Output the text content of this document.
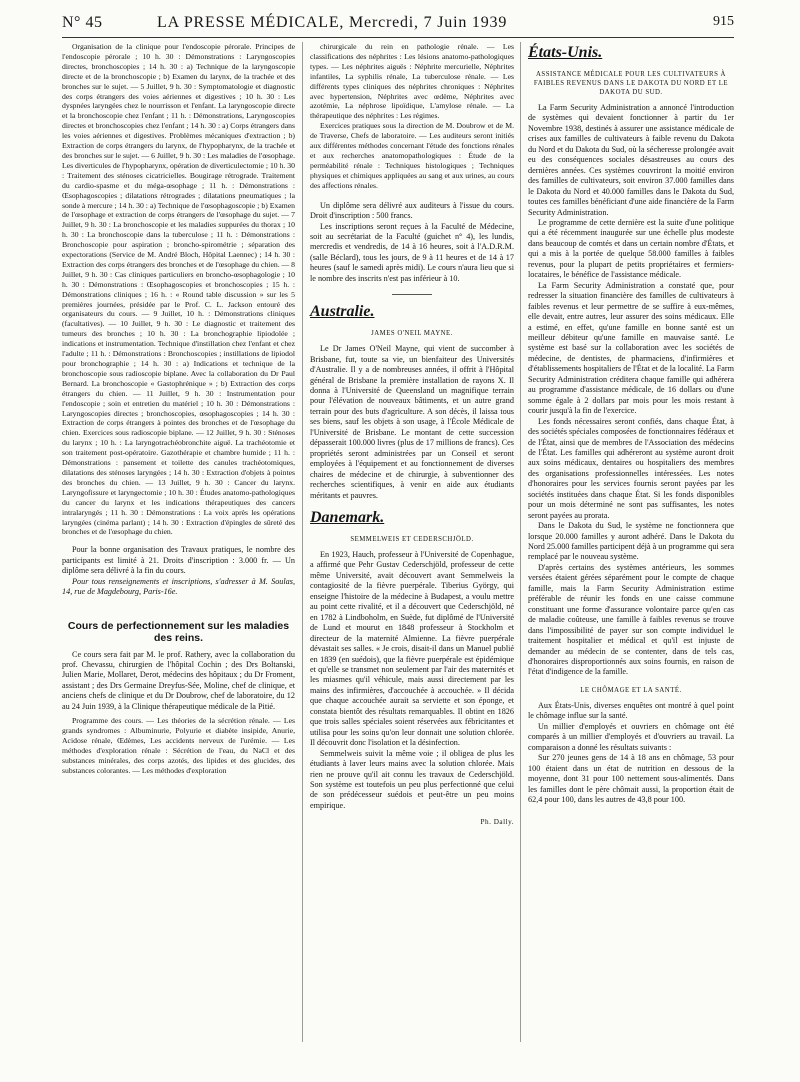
N° 45	LA PRESSE MÉDICALE, Mercredi, 7 Juin 1939	915

Organisation de la clinique pour l'endoscopie pérorale. Principes de l'endoscopie pérorale ; 10 h. 30 : Démonstrations : Laryngoscopies directes, bronchoscopies ; 14 h. 30 : a) Technique de la laryngoscopie directe et de la bronchoscopie ; b) Examen du larynx, de la trachée et des bronches sur le sujet. — 5 Juillet, 9 h. 30 : Symptomatologie et diagnostic des corps étrangers des voies aériennes et digestives ; 10 h. 30 : Les dyspnées laryngées chez le nourrisson et l'enfant. La laryngoscopie directe et la bronchoscopie chez l'enfant ; 11 h. : Démonstrations, Laryngoscopies directes et bronchoscopies chez l'enfant ; 14 h. 30 : a) Corps étrangers dans les voies aériennes et digestives. Problèmes mécaniques d'extraction ; b) Extraction de corps étrangers du larynx, de l'hypopharynx, de la trachée et des bronches sur le sujet. — 6 Juillet, 9 h. 30 : Les maladies de l'œsophage. Les diverticules de l'hypopharynx, opération de diverticulectomie ; 10 h. 30 : Traitement des sténoses cicatricielles. Bougirage rétrograde. Traitement du cardio-spasme et du méga-œsophage ; 11 h. : Démonstrations : Œsophagoscopies ; dilatations rétrogrades ; dilatations pneumatiques ; la sonde à mercure ; 14 h. 30 : a) Technique de l'œsophagoscopie ; b) Examen de l'œsophage et extraction de corps étrangers de l'œsophage du sujet. — 7 Juillet, 9 h. 30 : La bronchoscopie et les maladies suppurées du thorax ; 10 h. 30 : La bronchoscopie dans la tuberculose ; 11 h. : Démonstrations : Bronchoscopie pour aspiration ; broncho-spirométrie ; séparation des expectorations (Service de M. André Bloch, Hôpital Laennec) ; 14 h. 30 : Extraction des corps étrangers des bronches et de l'œsophage du chien. — 8 Juillet, 9 h. 30 : Cas cliniques particuliers en broncho-œsophagologie ; 10 h. 30 : Démonstrations : Œsophagoscopies et bronchoscopies ; 15 h. : Démonstrations cliniques ; 16 h. : « Round table discussion » sur les 5 premières journées, présidée par le Prof. C. L. Jackson entouré des organisateurs du cours. — 9 Juillet, 10 h. : Démonstrations cliniques (facultatives). — 10 Juillet, 9 h. 30 : Le diagnostic et traitement des tumeurs des bronches ; 10 h. 30 : La bronchographie lipiodolée ; indications et instrumentation. Technique d'instillation chez l'enfant et chez l'adulte ; 11 h. : Démonstrations : Bronchoscopies ; instillations de lipiodol pour bronchographie ; 14 h. 30 : a) Indications et technique de la bronchoscopie sous radioscopie biplane. Avec la collaboration du Dr Paul Bernard. La bronchoscopie « Gastophrénique » ; b) Extraction des corps étrangers du chien. — 11 Juillet, 9 h. 30 : Instrumentation pour l'endoscopie ; soin et entretien du matériel ; 10 h. 30 : Démonstrations : Laryngoscopies directes ; bronchoscopies, œsophagoscopies ; 14 h. 30 : Extraction de corps étrangers à pointes des bronches et de l'œsophage du chien. Exercices sous radioscopie biplane. — 12 Juillet, 9 h. 30 : Sténoses du larynx ; 10 h. : La laryngotrachéobronchite aiguë. La trachéotomie et son traitement post-opératoire. Gazothérapie et chambre humide ; 11 h. : Démonstrations : pansement et toilette des canules trachéotomiques, dilatations des sténoses laryngées ; 14 h. 30 : Extraction d'objets à pointes des bronches du chien. — 13 Juillet, 9 h. 30 : Cancer du larynx. Laryngofissure et laryngectomie ; 10 h. 30 : Études anatomo-pathologiques du cancer du larynx et les indications thérapeutiques des cancers intralaryngés ; 11 h. 30 : Démonstrations : La voix après les opérations laryngées (cinéma parlant) ; 14 h. 30 : Extraction d'épingles de sûreté des bronches et de l'œsophage du chien.

Pour la bonne organisation des Travaux pratiques, le nombre des participants est limité à 21. Droits d'inscription : 3.000 fr. — Un diplôme sera délivré à la fin du cours.

Pour tous renseignements et inscriptions, s'adresser à M. Soulas, 14, rue de Magdebourg, Paris-16e.

Cours de perfectionnement sur les maladies des reins.

Ce cours sera fait par M. le prof. Rathery, avec la collaboration du prof. Chevassu, chirurgien de l'hôpital Cochin ; des Drs Boltanski, Julien Marie, Mollaret, Derot, médecins des hôpitaux ; du Dr Froment, assistant ; des Drs Germaine Dreyfus-Sée, Moline, chef de clinique, et anciens chefs de clinique et du Dr Doubrow, chef de laboratoire, du 12 au 24 Juin 1939, à la Clinique thérapeutique médicale de la Pitié.

Programme des cours. — Les théories de la sécrétion rénale. — Les grands syndromes : Albuminurie, Polyurie et diabète insipide, Anurie, Acidose rénale, Œdèmes, Les accidents nerveux de l'urémie. — Les méthodes d'exploration rénale : Sécrétion de l'eau, du NaCl et des substances minérales, des corps azotés, des lipides et des glucides, des substances colorantes. — Les méthodes d'exploration

chirurgicale du rein en pathologie rénale. — Les classifications des néphrites : Les lésions anatomo-pathologiques types. — Les néphrites aiguës : Néphrite mercurielle, Néphrites infantiles, La syphilis rénale, La tuberculose rénale. — Les différents types cliniques des néphrites chroniques : Néphrites avec hypertension, Néphrites avec œdème, Néphrites avec azotémie, La néphrose lipoïdique, L'amylose rénale. — La thérapeutique des néphrites : Les régimes.

Exercices pratiques sous la direction de M. Doubrow et de M. de Traverse, Chefs de laboratoire. — Les auditeurs seront initiés aux différentes méthodes concernant l'étude des fonctions rénales et aux recherches anatomopathologiques : Étude de la perméabilité rénale : Techniques histologiques ; Techniques physiques et chimiques appliquées au sang et aux urines, au cours des affections rénales.

Un diplôme sera délivré aux auditeurs à l'issue du cours. Droit d'inscription : 500 francs.

Les inscriptions seront reçues à la Faculté de Médecine, soit au secrétariat de la Faculté (guichet n° 4), les lundis, mercredis et vendredis, de 14 à 16 heures, soit à l'A.D.R.M. (salle Béclard), tous les jours, de 9 à 11 heures et de 14 à 17 heures (sauf le samedi après midi). Le cours n'aura lieu que si le nombre des inscrits n'est pas inférieur à 10.

Australie.
JAMES O'NEIL MAYNE.

Le Dr James O'Neil Mayne, qui vient de succomber à Brisbane, fut, toute sa vie, un bienfaiteur des Universités d'Australie. Il y a de nombreuses années, il offrit à l'Hôpital général de Brisbane la première installation de rayons X. Il donna à l'Université de Queensland un magnifique terrain pour l'élévation de nouveaux bâtiments, et un autre grand terrain pour des buts d'agriculture. A son décès, il laissa tous ses biens, sauf les objets à son usage, à l'École Médicale de l'Université de Brisbane. Le montant de cette succession dépasserait 100.000 livres (plus de 17 millions de francs). Ces propriétés seront administrées par un Conseil et seront employées à l'équipement et au fonctionnement de diverses chaires de médecine et de chirurgie, à subventionner des recherches scientifiques, à venir en aide aux étudiants méritants et pauvres.

Danemark.
SEMMELWEIS ET CEDERSCHJÖLD.

En 1923, Hauch, professeur à l'Université de Copenhague, a affirmé que Pehr Gustav Cederschjöld, professeur de cette même Université, avait découvert avant Semmelweis la contagiosité de la fièvre puerpérale. Tiberius György, qui enseigne l'histoire de la médecine à Budapest, a voulu mettre au point cette rivalité, et il a découvert que Cederschjöld, né en 1782 à Lindboholm, en Suède, fut diplômé de l'Université de Lund et mourut en 1848 professeur à Stockholm et directeur de la maternité Almienne. La fièvre puerpérale dévastait ses salles. « Je crois, disait-il dans un Manuel publié en 1839 (en suédois), que la fièvre puerpérale est épidémique et qu'elle se transmet non seulement par l'air des maternités et les miasmes qu'il véhicule, mais aussi directement par les mains des infirmières, d'accouchée à accouchée. » Il décida que chaque accouchée aurait sa serviette et son éponge, et constata bientôt des résultats remarquables. Il obtint en 1826 que trois salles spéciales soient réservées aux fébricitantes et utilisa pour les soins qu'on leur donnait une solution chlorée. Il découvrit donc l'isolation et la désinfection.

Semmelweis suivit la même voie ; il obligea de plus les étudiants à laver leurs mains avec la solution chlorée. Mais rien ne prouve qu'il ait connu les travaux de Cederschjöld. Son système est toutefois un peu plus perfectionné que celui de son prédécesseur suédois et peut-être un peu moins empirique.

Ph. Dally.
États-Unis.
ASSISTANCE MÉDICALE POUR LES CULTIVATEURS À FAIBLES REVENUS DANS LE DAKOTA DU NORD ET LE DAKOTA DU SUD.

La Farm Security Administration a annoncé l'introduction de systèmes qui devaient fonctionner à partir du 1er Novembre 1938, destinés à assurer une assistance médicale de crises aux familles de cultivateurs à faible revenu du Dakota du Nord et du Dakota du Sud, où la sécheresse prolongée avait eu des conséquences sociales désastreuses au cours des dernières années. Ces systèmes couvriront la moitié environ des familles de cultivateurs, soit environ 37.000 familles dans le Dakota du Nord et 40.000 familles dans le Dakota du Sud, toutes ces familles bénéficiant d'une aide financière de la Farm Security Administration.

Le programme de cette dernière est la suite d'une politique qui a été récemment inaugurée sur une échelle plus modeste dans beaucoup de comtés et dans un certain nombre d'États, et qui a mis à la portée de quelque 58.000 familles à faibles revenus, pour la plupart de petits propriétaires et fermiers-locataires, le bénéfice de l'assistance médicale.

La Farm Security Administration a constaté que, pour redresser la situation financière des familles de cultivateurs à faibles revenus et leur permettre de se suffire à eux-mêmes, elle devait, entre autres, leur assurer des soins médicaux. Elle a estimé, en effet, qu'une famille en bonne santé est un meilleur débiteur qu'une famille en mauvaise santé. Le système est basé sur la collaboration avec les sociétés de médecine, de dentistes, de pharmaciens, d'infirmières et d'établissements hospitaliers de l'État et de la localité. La Farm Security Administration créditera chaque famille qui adhérera au programme d'assistance médicale, de 16 dollars ou d'une somme égale à 2 dollars par mois pour les mois restant à courir jusqu'à la fin de l'exercice.

Les fonds nécessaires seront confiés, dans chaque État, à des sociétés spéciales composées de fonctionnaires fédéraux et de l'État, ainsi que de membres de l'Association des médecins de l'État. Les familles qui adhéreront au système auront droit aux soins médicaux, dentaires ou hospitaliers des membres des organisations professionnelles intéressées. Les notes d'honoraires pour les services fournis seront payées par les sociétés instituées dans chaque État. Si les fonds disponibles pour un mois déterminé ne sont pas suffisantes, les notes seront payées au prorata.

Dans le Dakota du Sud, le système ne fonctionnera que lorsque 20.000 familles y auront adhéré. Dans le Dakota du Nord 25.000 familles participent déjà à un programme qui sera remplacé par le nouveau système.

D'après certains des systèmes antérieurs, les sommes versées étaient gérées séparément pour le compte de chaque famille, mais la Farm Security Administration estime préférable de réunir les fonds en une caisse commune constituant une forme d'assurance volontaire parce qu'en cas de maladie coûteuse, une famille à faibles revenus se trouve dans l'impossibilité de payer sur son compte individuel le traitement hospitalier et médical et qu'il est injuste de demander au médecin de se contenter, dans de tels cas, d'honoraires disproportionnés aux soins fournis, en raison de l'état d'indigence de la famille.

LE CHÔMAGE ET LA SANTÉ.

Aux États-Unis, diverses enquêtes ont montré à quel point le chômage influe sur la santé.

Un millier d'employés et ouvriers en chômage ont été comparés à un millier d'employés et d'ouvriers au travail. La comparaison a donné les résultats suivants :

Sur 270 jeunes gens de 14 à 18 ans en chômage, 53 pour 100 étaient dans un état de nutrition en dessous de la moyenne, dont 31 pour 100 nettement sous-alimentés. Dans les familles dont le père chômait aussi, la proportion était de 62,4 pour 100, dans les autres de 43,8 pour 100.
